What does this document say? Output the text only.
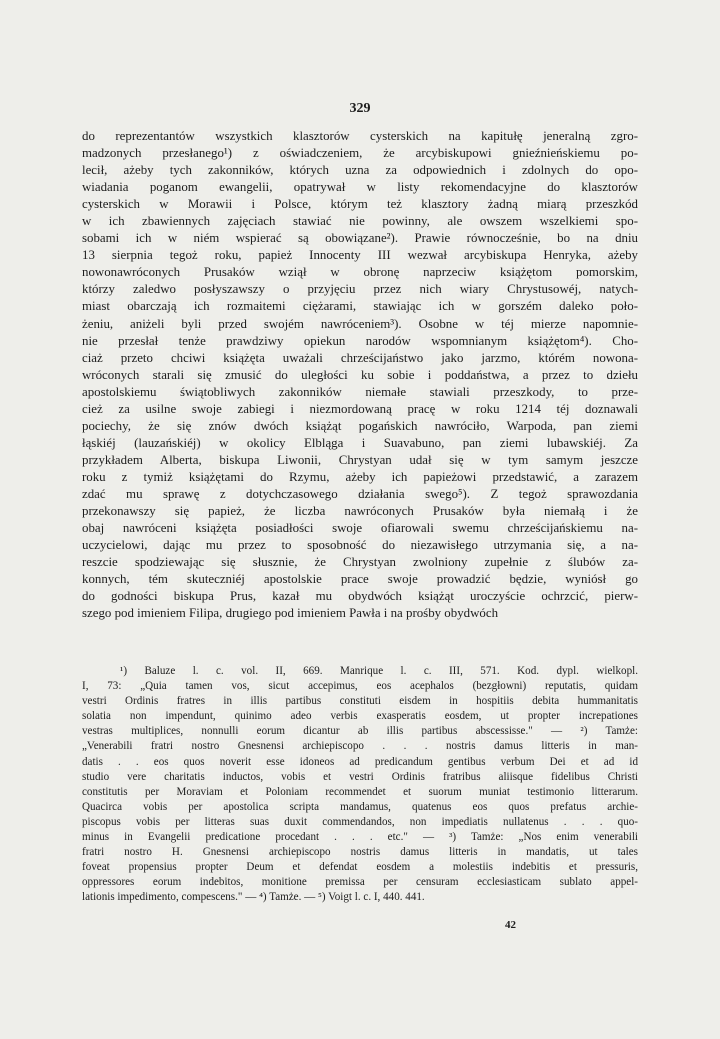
329
do reprezentantów wszystkich klasztorów cysterskich na kapitułę jeneralną zgro-
madzonych przesłanego¹) z oświadczeniem, że arcybiskupowi gnieźnieńskiemu po-
lecił, ażeby tych zakonników, których uzna za odpowiednich i zdolnych do opo-
wiadania poganom ewangelii, opatrywał w listy rekomendacyjne do klasztorów
cysterskich w Morawii i Polsce, którym też klasztory żadną miarą przeszkód
w ich zbawiennych zajęciach stawiać nie powinny, ale owszem wszelkiemi spo-
sobami ich w niém wspierać są obowiązane²). Prawie równocześnie, bo na dniu
13 sierpnia tegoż roku, papież Innocenty III wezwał arcybiskupa Henryka, ażeby
nowonawróconych Prusaków wziął w obronę naprzeciw książętom pomorskim,
którzy zaledwo posłyszawszy o przyjęciu przez nich wiary Chrystusowéj, natych-
miast obarczają ich rozmaitemi ciężarami, stawiając ich w gorszém daleko poło-
żeniu, aniżeli byli przed swojém nawróceniem³). Osobne w téj mierze napomnie-
nie przesłał tenże prawdziwy opiekun narodów wspomnianym książętom⁴). Cho-
ciaż przeto chciwi książęta uważali chrześcijaństwo jako jarzmo, którém nowona-
wróconych starali się zmusić do uległości ku sobie i poddaństwa, a przez to dziełu
apostolskiemu świątobliwych zakonników niemałe stawiali przeszkody, to prze-
cież za usilne swoje zabiegi i niezmordowaną pracę w roku 1214 téj doznawali
pociechy, że się znów dwóch książąt pogańskich nawróciło, Warpoda, pan ziemi
łąskiéj (lauzańskiéj) w okolicy Elbląga i Suavabuno, pan ziemi lubawskiéj. Za
przykładem Alberta, biskupa Liwonii, Chrystyan udał się w tym samym jeszcze
roku z tymiż książętami do Rzymu, ażeby ich papieżowi przedstawić, a zarazem
zdać mu sprawę z dotychczasowego działania swego⁵). Z tegoż sprawozdania
przekonawszy się papież, że liczba nawróconych Prusaków była niemałą i że
obaj nawróceni książęta posiadłości swoje ofiarowali swemu chrześcijańskiemu na-
uczycielowi, dając mu przez to sposobność do niezawisłego utrzymania się, a na-
reszcie spodziewając się słusznie, że Chrystyan zwolniony zupełnie z ślubów za-
konnych, tém skuteczniéj apostolskie prace swoje prowadzić będzie, wyniósł go
do godności biskupa Prus, kazał mu obydwóch książąt uroczyście ochrzcić, pierw-
szego pod imieniem Filipa, drugiego pod imieniem Pawła i na prośby obydwóch
¹) Baluze l. c. vol. II, 669. Manrique l. c. III, 571. Kod. dypl. wielkopl.
I, 73: „Quia tamen vos, sicut accepimus, eos acephalos (bezgłowni) reputatis, quidam
vestri Ordinis fratres in illis partibus constituti eisdem in hospitiis debita hummanitatis
solatia non impendunt, quinimo adeo verbis exasperatis eosdem, ut propter increpationes
vestras multiplices, nonnulli eorum dicantur ab illis partibus abscessisse." — ²) Tamże:
„Venerabili fratri nostro Gnesnensi archiepiscopo . . . nostris damus litteris in man-
datis . . eos quos noverit esse idoneos ad predicandum gentibus verbum Dei et ad id
studio vere charitatis inductos, vobis et vestri Ordinis fratribus aliisque fidelibus Christi
constitutis per Moraviam et Poloniam recommendet et suorum muniat testimonio litterarum.
Quacirca vobis per apostolica scripta mandamus, quatenus eos quos prefatus archie-
piscopus vobis per litteras suas duxit commendandos, non impediatis nullatenus . . . quo-
minus in Evangelii predicatione procedant . . . etc." — ³) Tamże: „Nos enim venerabili
fratri nostro H. Gnesnensi archiepiscopo nostris damus litteris in mandatis, ut tales
foveat propensius propter Deum et defendat eosdem a molestiis indebitis et pressuris,
oppressores eorum indebitos, monitione premissa per censuram ecclesiasticam sublato appel-
lationis impedimento, compescens." — ⁴) Tamże. — ⁵) Voigt l. c. I, 440. 441.
42
